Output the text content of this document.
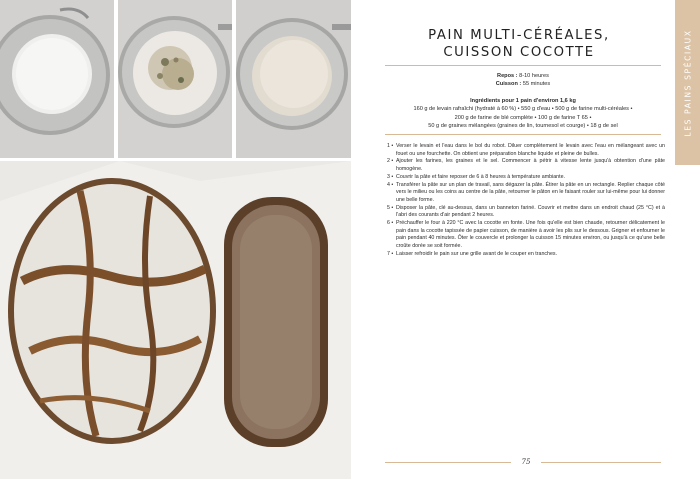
PAIN MULTI-CÉRÉALES,
CUISSON COCOTTE
Repos : 8-10 heures
Cuisson : 55 minutes
Ingrédients pour 1 pain d'environ 1,6 kg
160 g de levain rafraîchi (hydraté à 60 %) • 550 g d'eau • 500 g de farine multi-céréales •
200 g de farine de blé complète • 100 g de farine T 65 •
50 g de graines mélangées (graines de lin, tournesol et courge) • 18 g de sel
1 • Verser le levain et l'eau dans le bol du robot. Diluer complètement le levain avec l'eau en mélangeant avec un fouet ou une fourchette. On obtient une préparation blanche liquide et pleine de bulles.
2 • Ajouter les farines, les graines et le sel. Commencer à pétrir à vitesse lente jusqu'à obtention d'une pâte homogène.
3 • Couvrir la pâte et faire reposer de 6 à 8 heures à température ambiante.
4 • Transférer la pâte sur un plan de travail, sans dégazer la pâte. Étirer la pâte en un rectangle. Replier chaque côté vers le milieu ou les coins au centre de la pâte, retourner le pâton en le faisant rouler sur lui-même pour lui donner une belle forme.
5 • Disposer la pâte, clé au-dessus, dans un banneton fariné. Couvrir et mettre dans un endroit chaud (25 °C) et à l'abri des courants d'air pendant 2 heures.
6 • Préchauffer le four à 220 °C avec la cocotte en fonte. Une fois qu'elle est bien chaude, retourner délicatement le pain dans la cocotte tapissée de papier cuisson, de manière à avoir les plis sur le dessous. Grigner et enfourner le pain pendant 40 minutes. Ôter le couvercle et prolonger la cuisson 15 minutes environ, ou jusqu'à ce qu'une belle croûte dorée se soit formée.
7 • Laisser refroidir le pain sur une grille avant de le couper en tranches.
75
LES PAINS SPÉCIAUX
